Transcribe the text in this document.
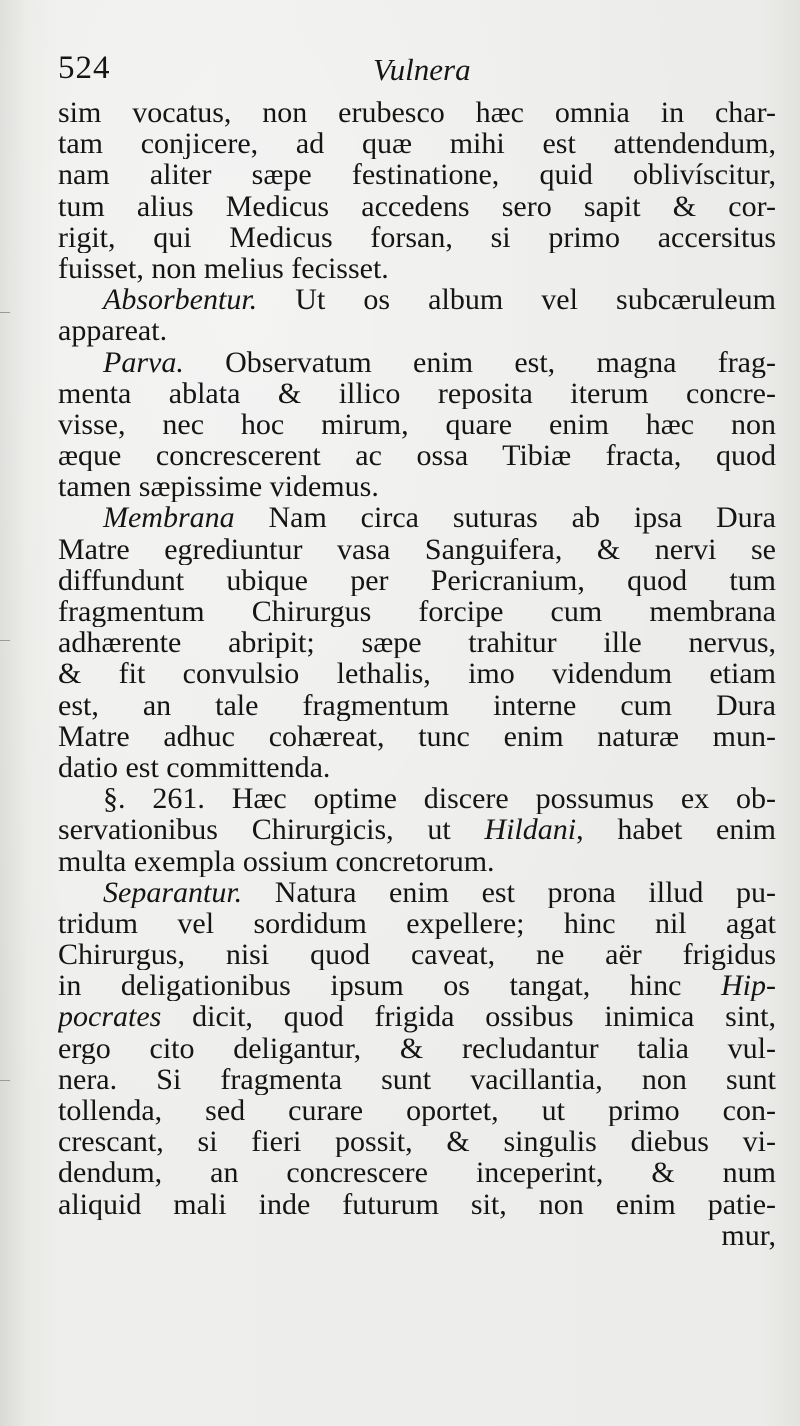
524	Vulnera
sim vocatus, non erubesco hæc omnia in char-
tam conjicere, ad quæ mihi est attendendum,
nam aliter sæpe festinatione, quid oblivíscitur,
tum alius Medicus accedens sero sapit & cor-
rigit, qui Medicus forsan, si primo accersitus
fuisset, non melius fecisset.
Absorbentur. Ut os album vel subcæruleum
appareat.
Parva. Observatum enim est, magna frag-
menta ablata & illico reposita iterum concre-
visse, nec hoc mirum, quare enim hæc non
æque concrescerent ac ossa Tibiæ fracta, quod
tamen sæpissime videmus.
Membrana Nam circa suturas ab ipsa Dura
Matre egrediuntur vasa Sanguifera, & nervi se
diffundunt ubique per Pericranium, quod tum
fragmentum Chirurgus forcipe cum membrana
adhærente abripit; sæpe trahitur ille nervus,
& fit convulsio lethalis, imo videndum etiam
est, an tale fragmentum interne cum Dura
Matre adhuc cohæreat, tunc enim naturæ mun-
datio est committenda.
§. 261. Hæc optime discere possumus ex ob-
servationibus Chirurgicis, ut Hildani, habet enim
multa exempla ossium concretorum.
Separantur. Natura enim est prona illud pu-
tridum vel sordidum expellere; hinc nil agat
Chirurgus, nisi quod caveat, ne aër frigidus
in deligationibus ipsum os tangat, hinc Hip-
pocrates dicit, quod frigida ossibus inimica sint,
ergo cito deligantur, & recludantur talia vul-
nera. Si fragmenta sunt vacillantia, non sunt
tollenda, sed curare oportet, ut primo con-
crescant, si fieri possit, & singulis diebus vi-
dendum, an concrescere inceperint, & num
aliquid mali inde futurum sit, non enim patie-
mur,
